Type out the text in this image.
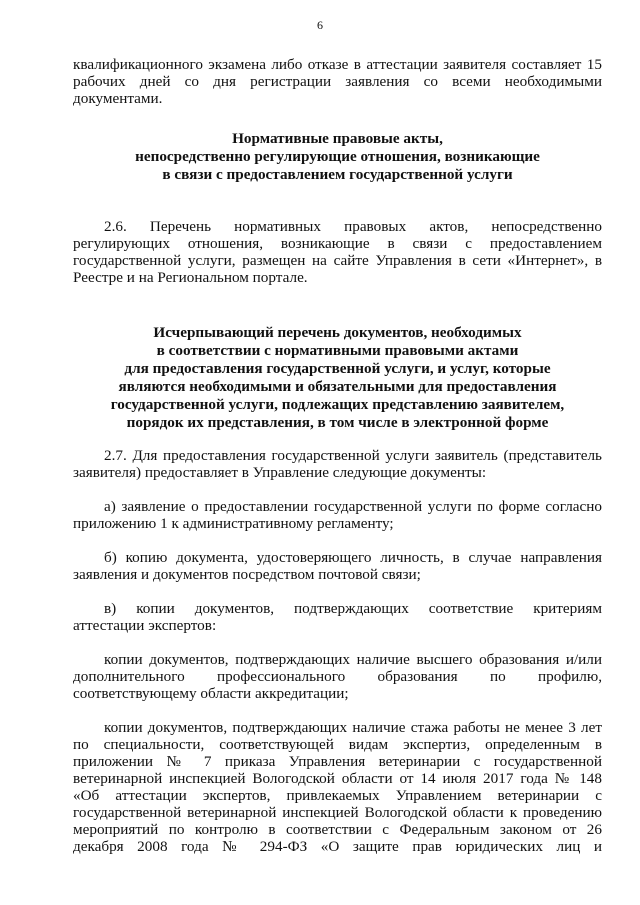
6

квалификационного экзамена либо отказе в аттестации заявителя составляет 15

рабочих дней со дня регистрации заявления со всеми необходимыми

документами.

Нормативные правовые акты,
непосредственно регулирующие отношения, возникающие
в связи с предоставлением государственной услуги

2.6. Перечень нормативных правовых актов, непосредственно

регулирующих отношения, возникающие в связи с предоставлением

государственной услуги, размещен на сайте Управления в сети «Интернет», в

Реестре и на Региональном портале.

Исчерпывающий перечень документов, необходимых
в соответствии с нормативными правовыми актами
для предоставления государственной услуги, и услуг, которые
являются необходимыми и обязательными для предоставления
государственной услуги, подлежащих представлению заявителем,
порядок их представления, в том числе в электронной форме

2.7. Для предоставления государственной услуги заявитель (представитель

заявителя) предоставляет в Управление следующие документы:

а) заявление о предоставлении государственной услуги по форме согласно

приложению 1 к административному регламенту;

б) копию документа, удостоверяющего личность, в случае направления

заявления и документов посредством почтовой связи;

в) копии документов, подтверждающих соответствие критериям

аттестации экспертов:

копии документов, подтверждающих наличие высшего образования и/или

дополнительного профессионального образования по профилю,

соответствующему области аккредитации;

копии документов, подтверждающих наличие стажа работы не менее 3 лет

по специальности, соответствующей видам экспертиз, определенным в

приложении № 7 приказа Управления ветеринарии с государственной

ветеринарной инспекцией Вологодской области от 14 июля 2017 года № 148

«Об аттестации экспертов, привлекаемых Управлением ветеринарии с

государственной ветеринарной инспекцией Вологодской области к проведению

мероприятий по контролю в соответствии с Федеральным законом от 26

декабря 2008 года № 294-ФЗ «О защите прав юридических лиц и
